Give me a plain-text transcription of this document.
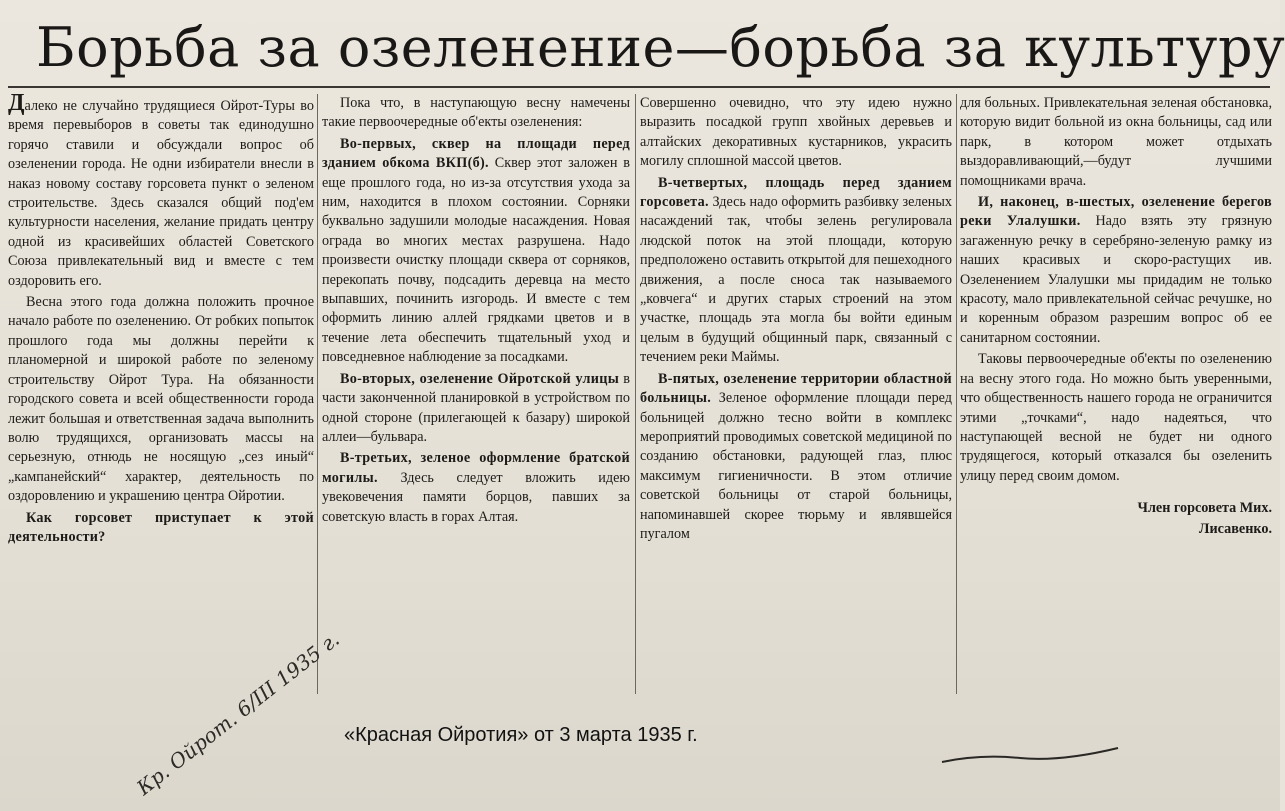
Борьба за озеленение—борьба за культуру

Далеко не случайно трудящиеся Ойрот-Туры во время перевыборов в советы так единодушно горячо ставили и обсуждали вопрос об озеленении города. Не одни избиратели внесли в наказ новому составу горсовета пункт о зеленом строительстве. Здесь сказался общий под'ем культурности населения, желание придать центру одной из красивейших областей Советского Союза привлекательный вид и вместе с тем оздоровить его.

Весна этого года должна положить прочное начало работе по озеленению. От робких попыток прошлого года мы должны перейти к планомерной и широкой работе по зеленому строительству Ойрот Тура. На обязанности городского совета и всей общественности города лежит большая и ответственная задача выполнить волю трудящихся, организовать массы на серьезную, отнюдь не носящую „сез иный“ „кампанейский“ характер, деятельность по оздоровлению и украшению центра Ойротии.

Как горсовет приступает к этой деятельности?

Пока что, в наступающую весну намечены такие первоочередные об'екты озеленения:

Во-первых, сквер на площади перед зданием обкома ВКП(б). Сквер этот заложен в еще прошлого года, но из-за отсутствия ухода за ним, находится в плохом состоянии. Сорняки буквально задушили молодые насаждения. Новая ограда во многих местах разрушена. Надо произвести очистку площади сквера от сорняков, перекопать почву, подсадить деревца на место выпавших, починить изгородь. И вместе с тем оформить линию аллей грядками цветов и в течение лета обеспечить тщательный уход и повседневное наблюдение за посадками.

Во-вторых, озеленение Ойротской улицы в части законченной планировкой в устройством по одной стороне (прилегающей к базару) широкой аллеи—бульвара.

В-третьих, зеленое оформление братской могилы. Здесь следует вложить идею увековечения памяти борцов, павших за советскую власть в горах Алтая.

Совершенно очевидно, что эту идею нужно выразить посадкой групп хвойных деревьев и алтайских декоративных кустарников, украсить могилу сплошной массой цветов.

В-четвертых, площадь перед зданием горсовета. Здесь надо оформить разбивку зеленых насаждений так, чтобы зелень регулировала людской поток на этой площади, которую предположено оставить открытой для пешеходного движения, а после сноса так называемого „ковчега“ и других старых строений на этом участке, площадь эта могла бы войти единым целым в будущий общинный парк, связанный с течением реки Маймы.

В-пятых, озеленение территории областной больницы. Зеленое оформление площади перед больницей должно тесно войти в комплекс мероприятий проводимых советской медициной по созданию обстановки, радующей глаз, плюс максимум гигиеничности. В этом отличие советской больницы от старой больницы, напоминавшей скорее тюрьму и являвшейся пугалом

для больных. Привлекательная зеленая обстановка, которую видит больной из окна больницы, сад или парк, в котором может отдыхать выздоравливающий,—будут лучшими помощниками врача.

И, наконец, в-шестых, озеленение берегов реки Улалушки. Надо взять эту грязную загаженную речку в серебряно-зеленую рамку из наших красивых и скоро-растущих ив. Озеленением Улалушки мы придадим не только красоту, мало привлекательной сейчас речушке, но и коренным образом разрешим вопрос об ее санитарном состоянии.

Таковы первоочередные об'екты по озеленению на весну этого года. Но можно быть уверенными, что общественность нашего города не ограничится этими „точками“, надо надеяться, что наступающей весной не будет ни одного трудящегося, который отказался бы озеленить улицу перед своим домом.

Член горсовета Мих.
Лисавенко.
Кр. Ойрот. 6/III 1935 г. «Красная Ойротия» от 3 марта 1935 г.
